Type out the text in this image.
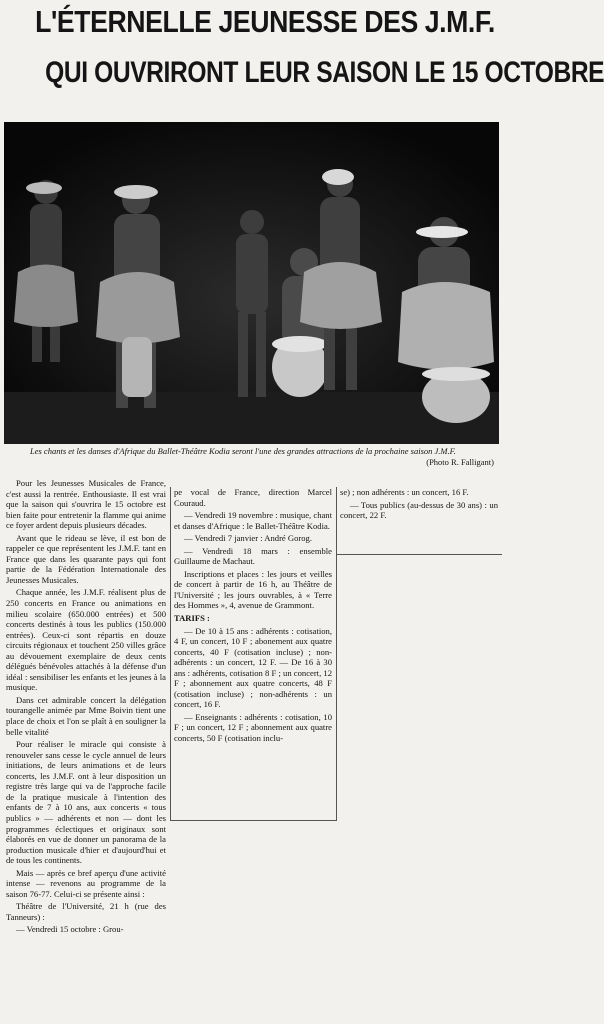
L'ÉTERNELLE JEUNESSE DES J.M.F.
QUI OUVRIRONT LEUR SAISON LE 15 OCTOBRE
Les chants et les danses d'Afrique du Ballet-Théâtre Kodia seront l'une des grandes attractions de la prochaine saison J.M.F.
(Photo R. Falligant)

Pour les Jeunesses Musicales de France, c'est aussi la rentrée. Enthousiaste. Il est vrai que la saison qui s'ouvrira le 15 octobre est bien faite pour entretenir la flamme qui anime ce foyer ardent depuis plusieurs décades.

Avant que le rideau se lève, il est bon de rappeler ce que représentent les J.M.F. tant en France que dans les quarante pays qui font partie de la Fédération Internationale des Jeunesses Musicales.

Chaque année, les J.M.F. réalisent plus de 250 concerts en France ou animations en milieu scolaire (650.000 entrées) et 500 concerts destinés à tous les publics (150.000 entrées). Ceux-ci sont répartis en douze circuits régionaux et touchent 250 villes grâce au dévouement exemplaire de deux cents délégués bénévoles attachés à la défense d'un idéal : sensibiliser les enfants et les jeunes à la musique.

Dans cet admirable concert la délégation tourangelle animée par Mme Boivin tient une place de choix et l'on se plaît à en souligner la belle vitalité

Pour réaliser le miracle qui consiste à renouveler sans cesse le cycle annuel de leurs initiations, de leurs animations et de leurs concerts, les J.M.F. ont à leur disposition un registre très large qui va de l'approche facile de la pratique musicale à l'intention des enfants de 7 à 10 ans, aux concerts « tous publics » — adhérents et non — dont les programmes éclectiques et originaux sont élaborés en vue de donner un panorama de la production musicale d'hier et d'aujourd'hui et de tous les continents.

Mais — après ce bref aperçu d'une activité intense — revenons au programme de la saison 76-77. Celui-ci se présente ainsi :

Théâtre de l'Université, 21 h (rue des Tanneurs) :

— Vendredi 15 octobre : Grou-

pe vocal de France, direction Marcel Couraud.

— Vendredi 19 novembre : musique, chant et danses d'Afrique : le Ballet-Théâtre Kodia.

— Vendredi 7 janvier : André Gorog.

— Vendredi 18 mars : ensemble Guillaume de Machaut.

Inscriptions et places : les jours et veilles de concert à partir de 16 h, au Théâtre de l'Université ; les jours ouvrables, à « Terre des Hommes », 4, avenue de Grammont.

TARIFS :

— De 10 à 15 ans : adhérents : cotisation, 4 F, un concert, 10 F ; abonement aux quatre concerts, 40 F (cotisation incluse) ; non-adhérents : un concert, 12 F. — De 16 à 30 ans : adhérents, cotisation 8 F ; un concert, 12 F ; abonnement aux quatre concerts, 48 F (cotisation incluse) ; non-adhérents : un concert, 16 F.

— Enseignants : adhérents : cotisation, 10 F ; un concert, 12 F ; abonnement aux quatre concerts, 50 F (cotisation inclu-

se) ; non adhérents : un concert, 16 F.

— Tous publics (au-dessus de 30 ans) : un concert, 22 F.
